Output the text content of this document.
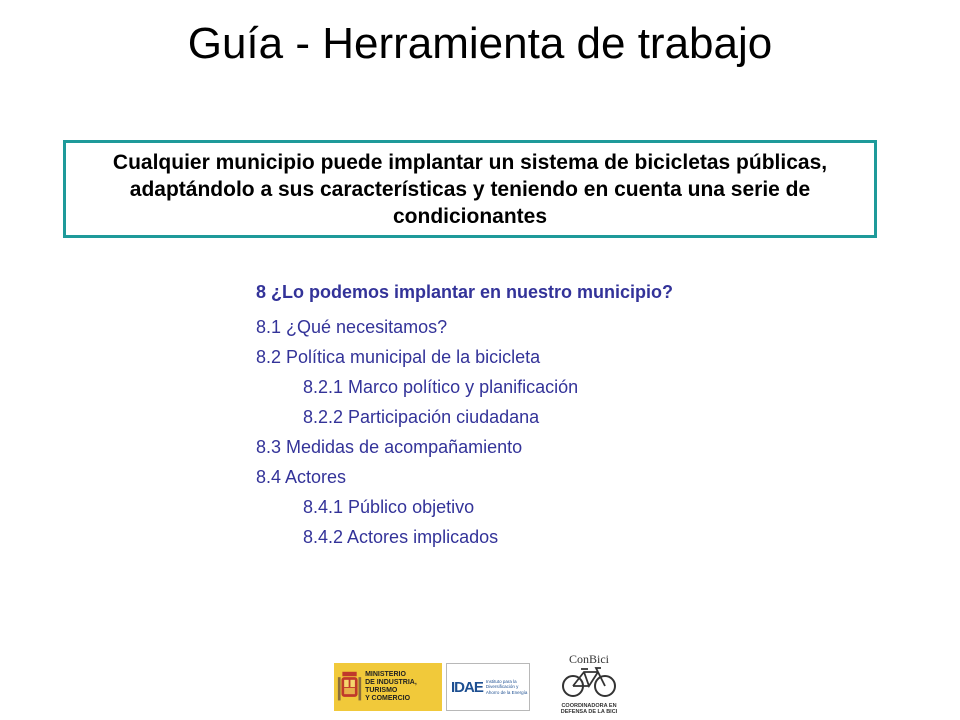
Guía - Herramienta de trabajo
Cualquier municipio puede implantar un sistema de bicicletas públicas, adaptándolo a sus características y teniendo en cuenta una serie de condicionantes
8 ¿Lo podemos implantar en nuestro municipio?
8.1 ¿Qué necesitamos?
8.2 Política municipal de la bicicleta
8.2.1 Marco político y planificación
8.2.2 Participación ciudadana
8.3 Medidas de acompañamiento
8.4 Actores
8.4.1 Público objetivo
8.4.2 Actores implicados
MINISTERIO
DE INDUSTRIA, TURISMO
Y COMERCIO
IDAE Instituto para la
Diversificación y
Ahorro de la Energía
ConBici
COORDINADORA EN
DEFENSA DE LA BICI
